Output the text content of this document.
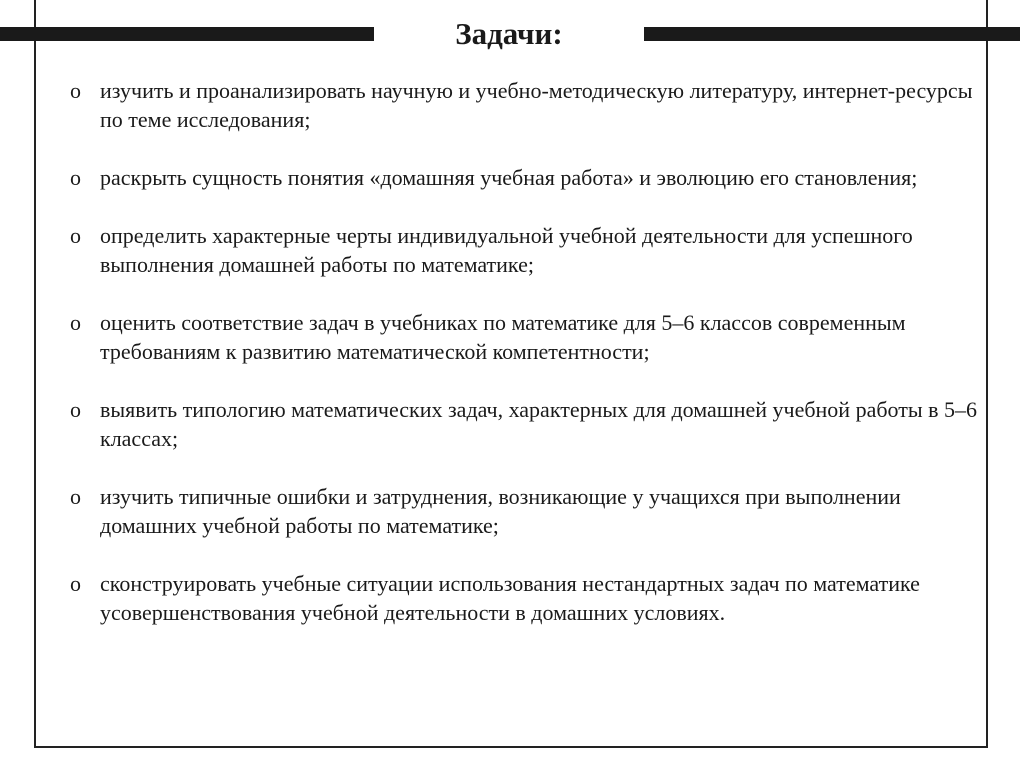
Задачи:
o изучить и проанализировать научную и учебно-методическую литературу, интернет-ресурсы по теме исследования;
o раскрыть сущность понятия «домашняя учебная работа» и эволюцию его становления;
o определить характерные черты индивидуальной учебной деятельности для успешного выполнения домашней работы по математике;
o оценить соответствие задач в учебниках по математике для 5–6 классов современным требованиям к развитию математической компетентности;
o выявить типологию математических задач, характерных для домашней учебной работы в 5–6 классах;
o изучить типичные ошибки и затруднения, возникающие у учащихся при выполнении домашних учебной работы по математике;
o сконструировать учебные ситуации использования нестандартных задач по математике усовершенствования учебной деятельности в домашних условиях.
